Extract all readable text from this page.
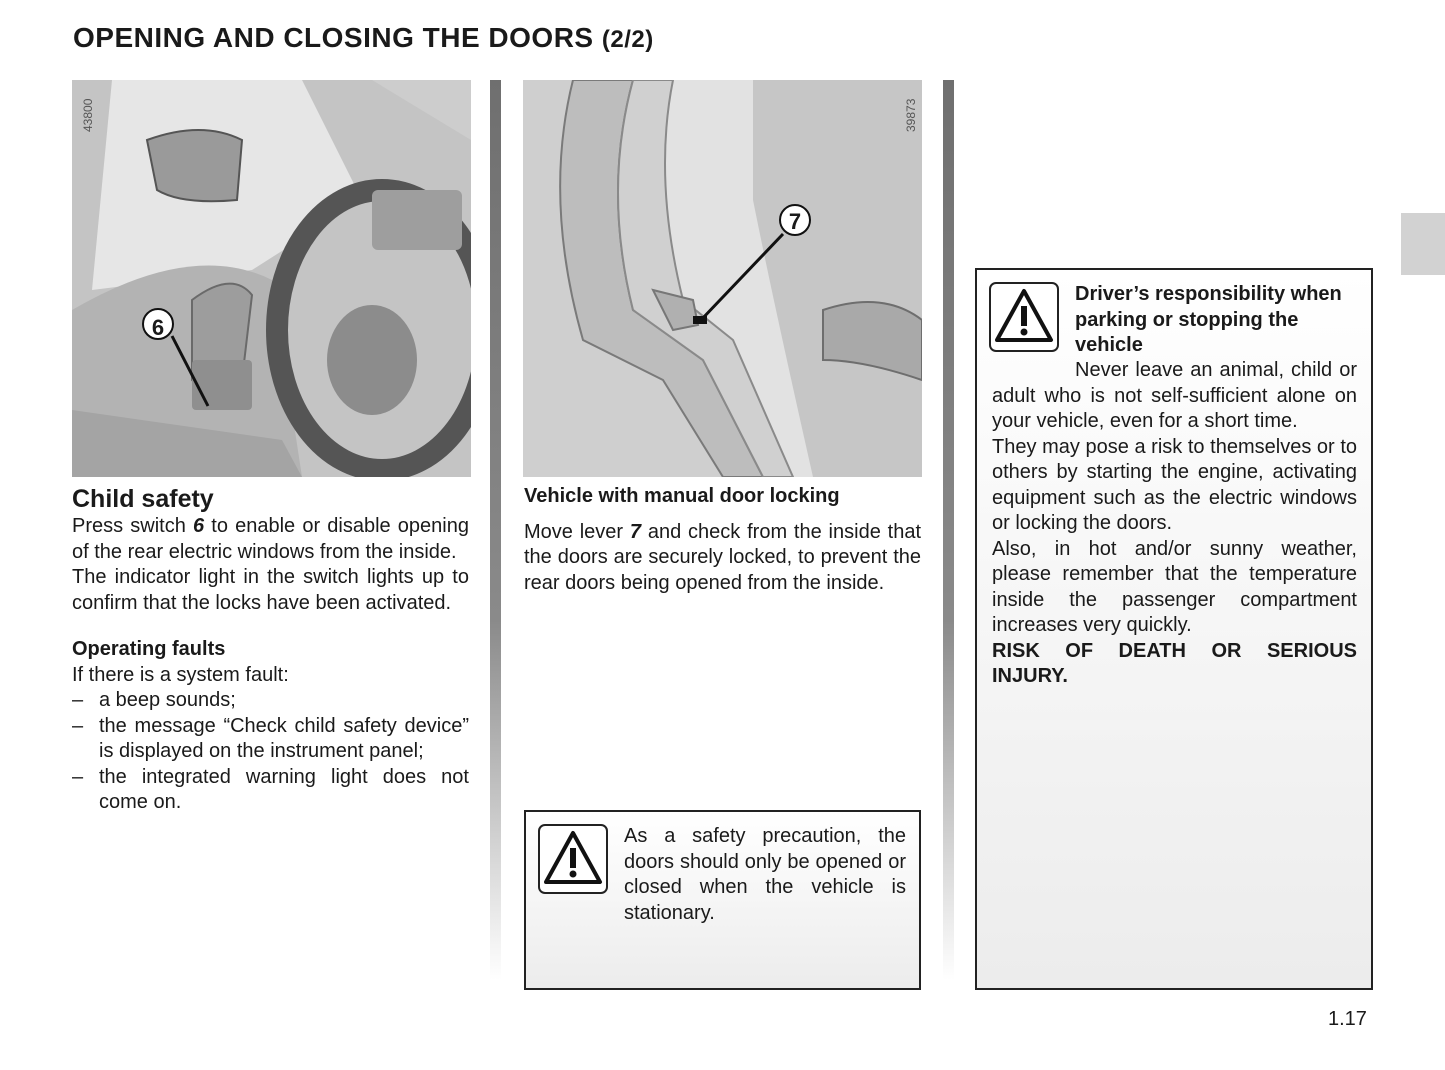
OPENING AND CLOSING THE DOORS (2/2)
6
43800
7
39873
Child safety

Press switch 6 to enable or disable opening of the rear electric windows from the inside.

The indicator light in the switch lights up to confirm that the locks have been activated.

Operating faults

If there is a system fault:

– a beep sounds;
– the message “Check child safety device” is displayed on the instrument panel;
– the integrated warning light does not come on.
Vehicle with manual door locking

Move lever 7 and check from the inside that the doors are securely locked, to prevent the rear doors being opened from the inside.

As a safety precaution, the doors should only be opened or closed when the vehicle is stationary.

Driver’s responsibility when parking or stopping the vehicle

Never leave an animal, child or adult who is not self-sufficient alone on your vehicle, even for a short time.

They may pose a risk to themselves or to others by starting the engine, activating equipment such as the electric windows or locking the doors.

Also, in hot and/or sunny weather, please remember that the temperature inside the passenger compartment increases very quickly.

RISK OF DEATH OR SERIOUS INJURY.

1.17
